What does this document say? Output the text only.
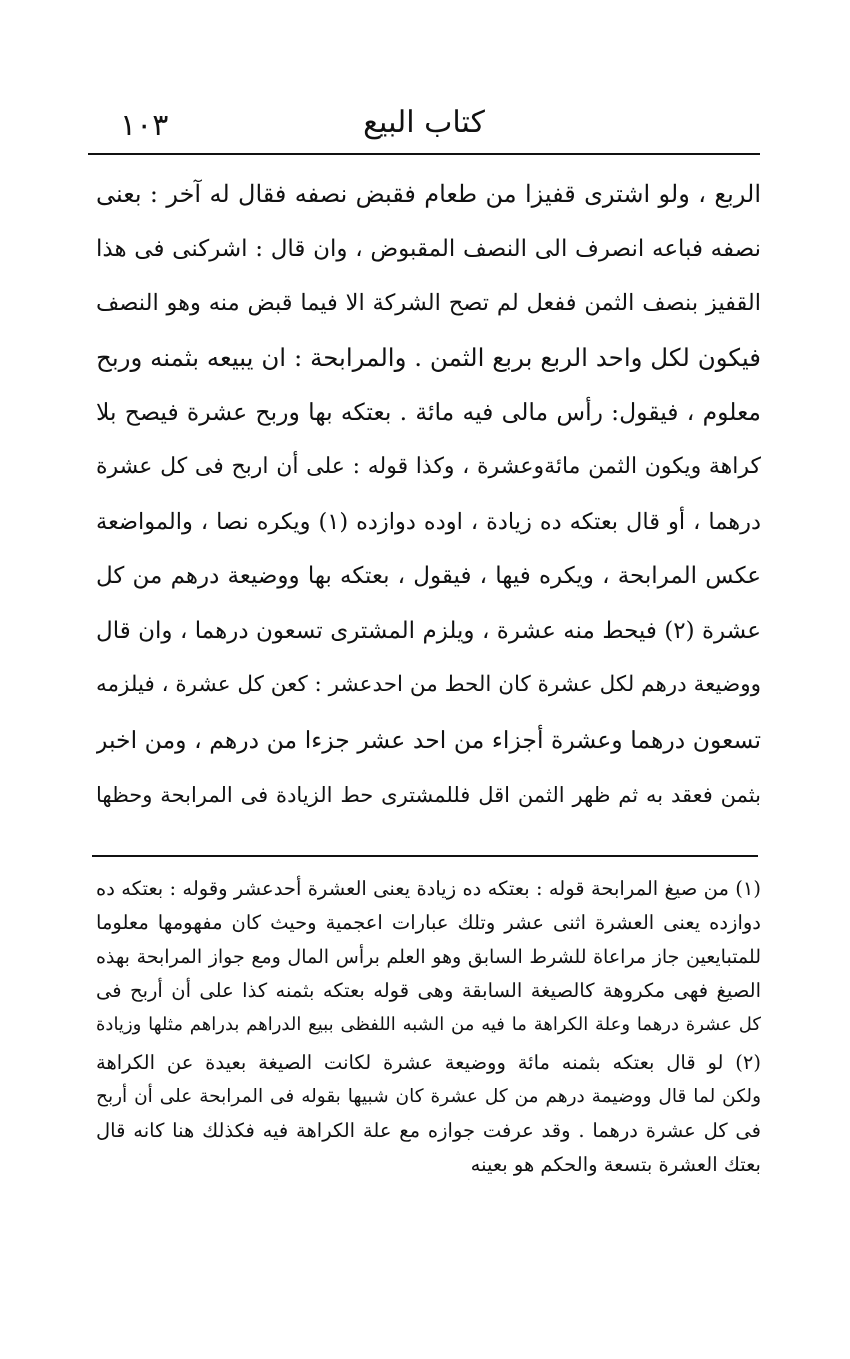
١٠٣	كتاب البيع
الربع ، ولو اشترى قفيزا من طعام فقبض نصفه فقال له آخر : بعنى
نصفه فباعه انصرف الى النصف المقبوض ، وان قال : اشركنى فى هذا
القفيز بنصف الثمن ففعل لم تصح الشركة الا فيما قبض منه وهو النصف
فيكون لكل واحد الربع بربع الثمن . والمرابحة : ان يبيعه بثمنه وربح
معلوم ، فيقول: رأس مالى فيه مائة . بعتكه بها وربح عشرة فيصح بلا
كراهة ويكون الثمن مائةوعشرة ، وكذا قوله : على أن اربح فى كل عشرة
درهما ، أو قال بعتكه ده زيادة ، اوده دوازده (١) ويكره نصا ، والمواضعة
عكس المرابحة ، ويكره فيها ، فيقول ، بعتكه بها ووضيعة درهم من كل
عشرة (٢) فيحط منه عشرة ، ويلزم المشترى تسعون درهما ، وان قال
ووضيعة درهم لكل عشرة كان الحط من احدعشر : كعن كل عشرة ، فيلزمه
تسعون درهما وعشرة أجزاء من احد عشر جزءا من درهم ، ومن اخبر
بثمن فعقد به ثم ظهر الثمن اقل فللمشترى حط الزيادة فى المرابحة وحظها
(١) من صيغ المرابحة قوله : بعتكه ده زيادة يعنى العشرة أحدعشر وقوله : بعتكه ده
دوازده يعنى العشرة اثنى عشر وتلك عبارات اعجمية وحيث كان مفهومها معلوما
للمتبايعين جاز مراعاة للشرط السابق وهو العلم برأس المال ومع جواز المرابحة بهذه
الصيغ فهى مكروهة كالصيغة السابقة وهى قوله بعتكه بثمنه كذا على أن أربح فى
كل عشرة درهما وعلة الكراهة ما فيه من الشبه اللفظى ببيع الدراهم بدراهم مثلها وزيادة
(٢) لو قال بعتكه بثمنه مائة ووضيعة عشرة لكانت الصيغة بعيدة عن الكراهة
ولكن لما قال ووضيمة درهم من كل عشرة كان شبيها بقوله فى المرابحة على أن أربح
فى كل عشرة درهما . وقد عرفت جوازه مع علة الكراهة فيه فكذلك هنا كانه قال
بعتك العشرة بتسعة والحكم هو بعينه
